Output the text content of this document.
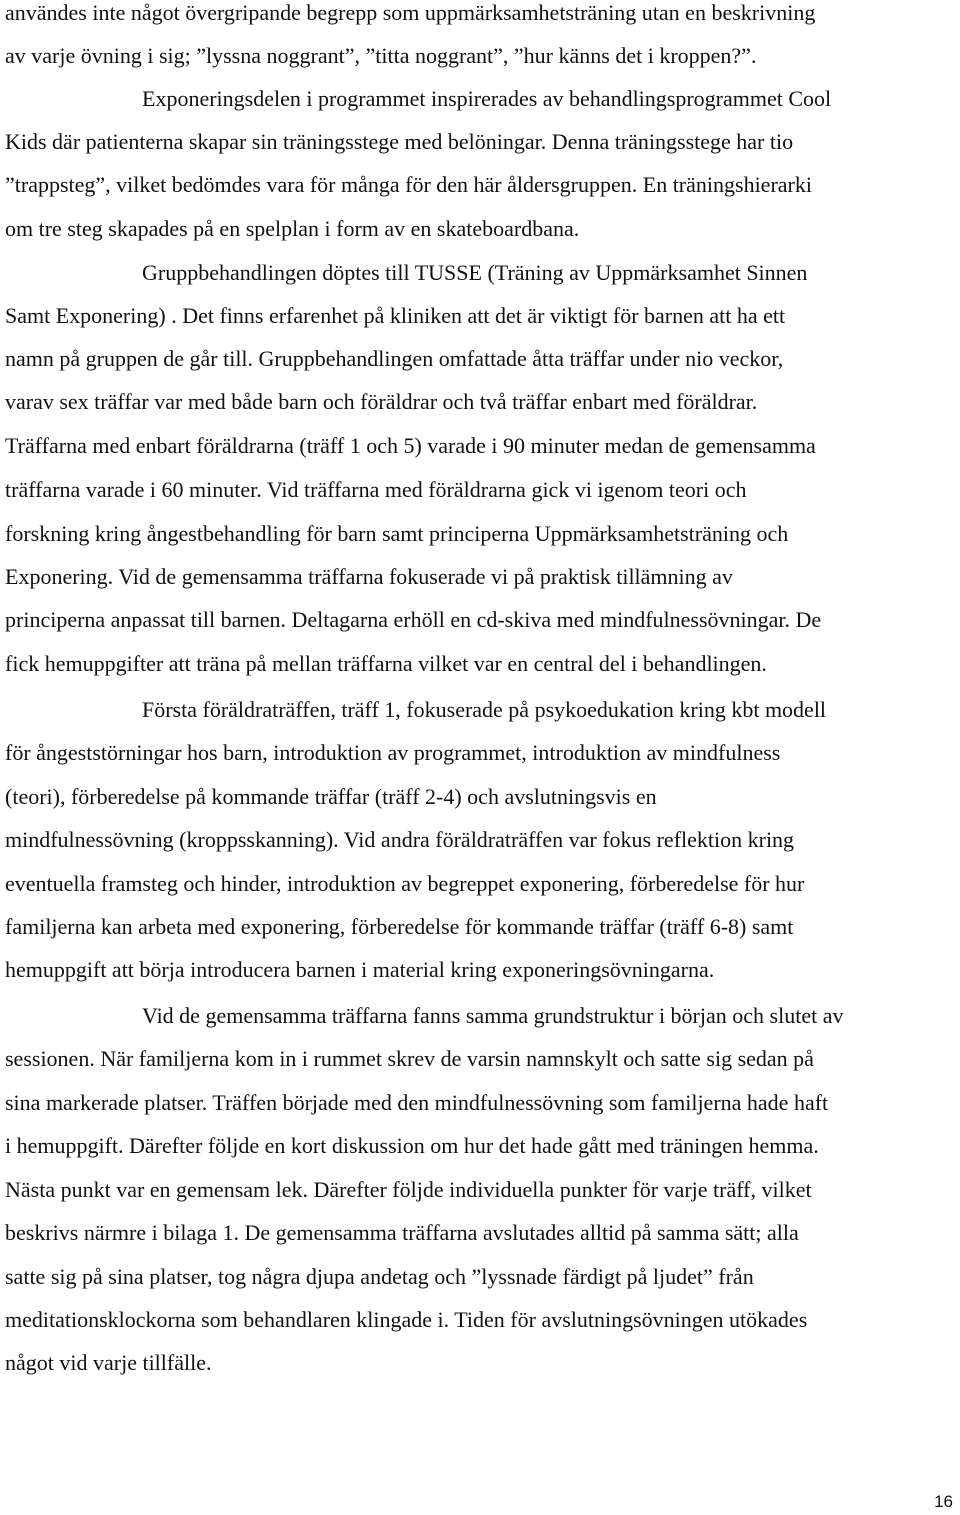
användes inte något övergripande begrepp som uppmärksamhetsträning utan en beskrivning
av varje övning i sig; ”lyssna noggrant”, ”titta noggrant”, ”hur känns det i kroppen?”.
Exponeringsdelen i programmet inspirerades av behandlingsprogrammet Cool
Kids där patienterna skapar sin träningsstege med belöningar. Denna träningsstege har tio
”trappsteg”, vilket bedömdes vara för många för den här åldersgruppen. En träningshierarki
om tre steg skapades på en spelplan i form av en skateboardbana.
Gruppbehandlingen döptes till TUSSE (Träning av Uppmärksamhet Sinnen
Samt Exponering) . Det finns erfarenhet på kliniken att det är viktigt för barnen att ha ett
namn på gruppen de går till. Gruppbehandlingen omfattade åtta träffar under nio veckor,
varav sex träffar var med både barn och föräldrar och två träffar enbart med föräldrar.
Träffarna med enbart föräldrarna (träff 1 och 5) varade i 90 minuter medan de gemensamma
träffarna varade i 60 minuter. Vid träffarna med föräldrarna gick vi igenom teori och
forskning kring ångestbehandling för barn samt principerna Uppmärksamhetsträning och
Exponering. Vid de gemensamma träffarna fokuserade vi på praktisk tillämning av
principerna anpassat till barnen. Deltagarna erhöll en cd-skiva med mindfulnessövningar. De
fick hemuppgifter att träna på mellan träffarna vilket var en central del i behandlingen.
Första föräldraträffen, träff 1, fokuserade på psykoedukation kring kbt modell
för ångeststörningar hos barn, introduktion av programmet, introduktion av mindfulness
(teori), förberedelse på kommande träffar (träff 2-4) och avslutningsvis en
mindfulnessövning (kroppsskanning). Vid andra föräldraträffen var fokus reflektion kring
eventuella framsteg och hinder, introduktion av begreppet exponering, förberedelse för hur
familjerna kan arbeta med exponering, förberedelse för kommande träffar (träff 6-8) samt
hemuppgift att börja introducera barnen i material kring exponeringsövningarna.
Vid de gemensamma träffarna fanns samma grundstruktur i början och slutet av
sessionen. När familjerna kom in i rummet skrev de varsin namnskylt och satte sig sedan på
sina markerade platser. Träffen började med den mindfulnessövning som familjerna hade haft
i hemuppgift. Därefter följde en kort diskussion om hur det hade gått med träningen hemma.
Nästa punkt var en gemensam lek. Därefter följde individuella punkter för varje träff, vilket
beskrivs närmre i bilaga 1. De gemensamma träffarna avslutades alltid på samma sätt; alla
satte sig på sina platser, tog några djupa andetag och ”lyssnade färdigt på ljudet” från
meditationsklockorna som behandlaren klingade i. Tiden för avslutningsövningen utökades
något vid varje tillfälle.
16
